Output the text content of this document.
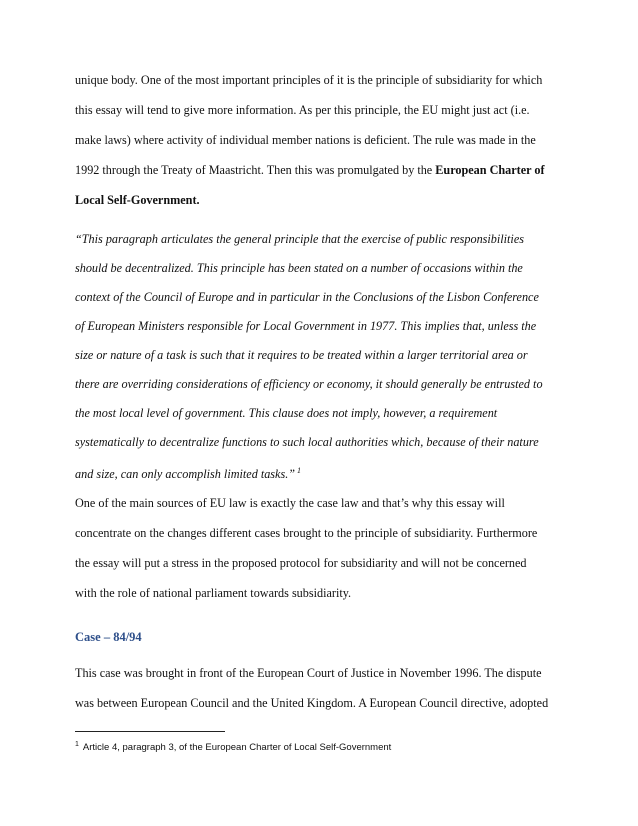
unique body. One of the most important principles of it is the principle of subsidiarity for which
this essay will tend to give more information. As per this principle, the EU might just act (i.e.
make laws) where activity of individual member nations is deficient. The rule was made in the
1992 through the Treaty of Maastricht. Then this was promulgated by the European Charter of
Local Self-Government.
“This paragraph articulates the general principle that the exercise of public responsibilities
should be decentralized. This principle has been stated on a number of occasions within the
context of the Council of Europe and in particular in the Conclusions of the Lisbon Conference
of European Ministers responsible for Local Government in 1977. This implies that, unless the
size or nature of a task is such that it requires to be treated within a larger territorial area or
there are overriding considerations of efficiency or economy, it should generally be entrusted to
the most local level of government. This clause does not imply, however, a requirement
systematically to decentralize functions to such local authorities which, because of their nature
and size, can only accomplish limited tasks.” $^1$
One of the main sources of EU law is exactly the case law and that’s why this essay will
concentrate on the changes different cases brought to the principle of subsidiarity. Furthermore
the essay will put a stress in the proposed protocol for subsidiarity and will not be concerned
with the role of national parliament towards subsidiarity.
Case – 84/94
This case was brought in front of the European Court of Justice in November 1996. The dispute
was between European Council and the United Kingdom. A European Council directive, adopted
$^1$ Article 4, paragraph 3, of the European Charter of Local Self-Government
